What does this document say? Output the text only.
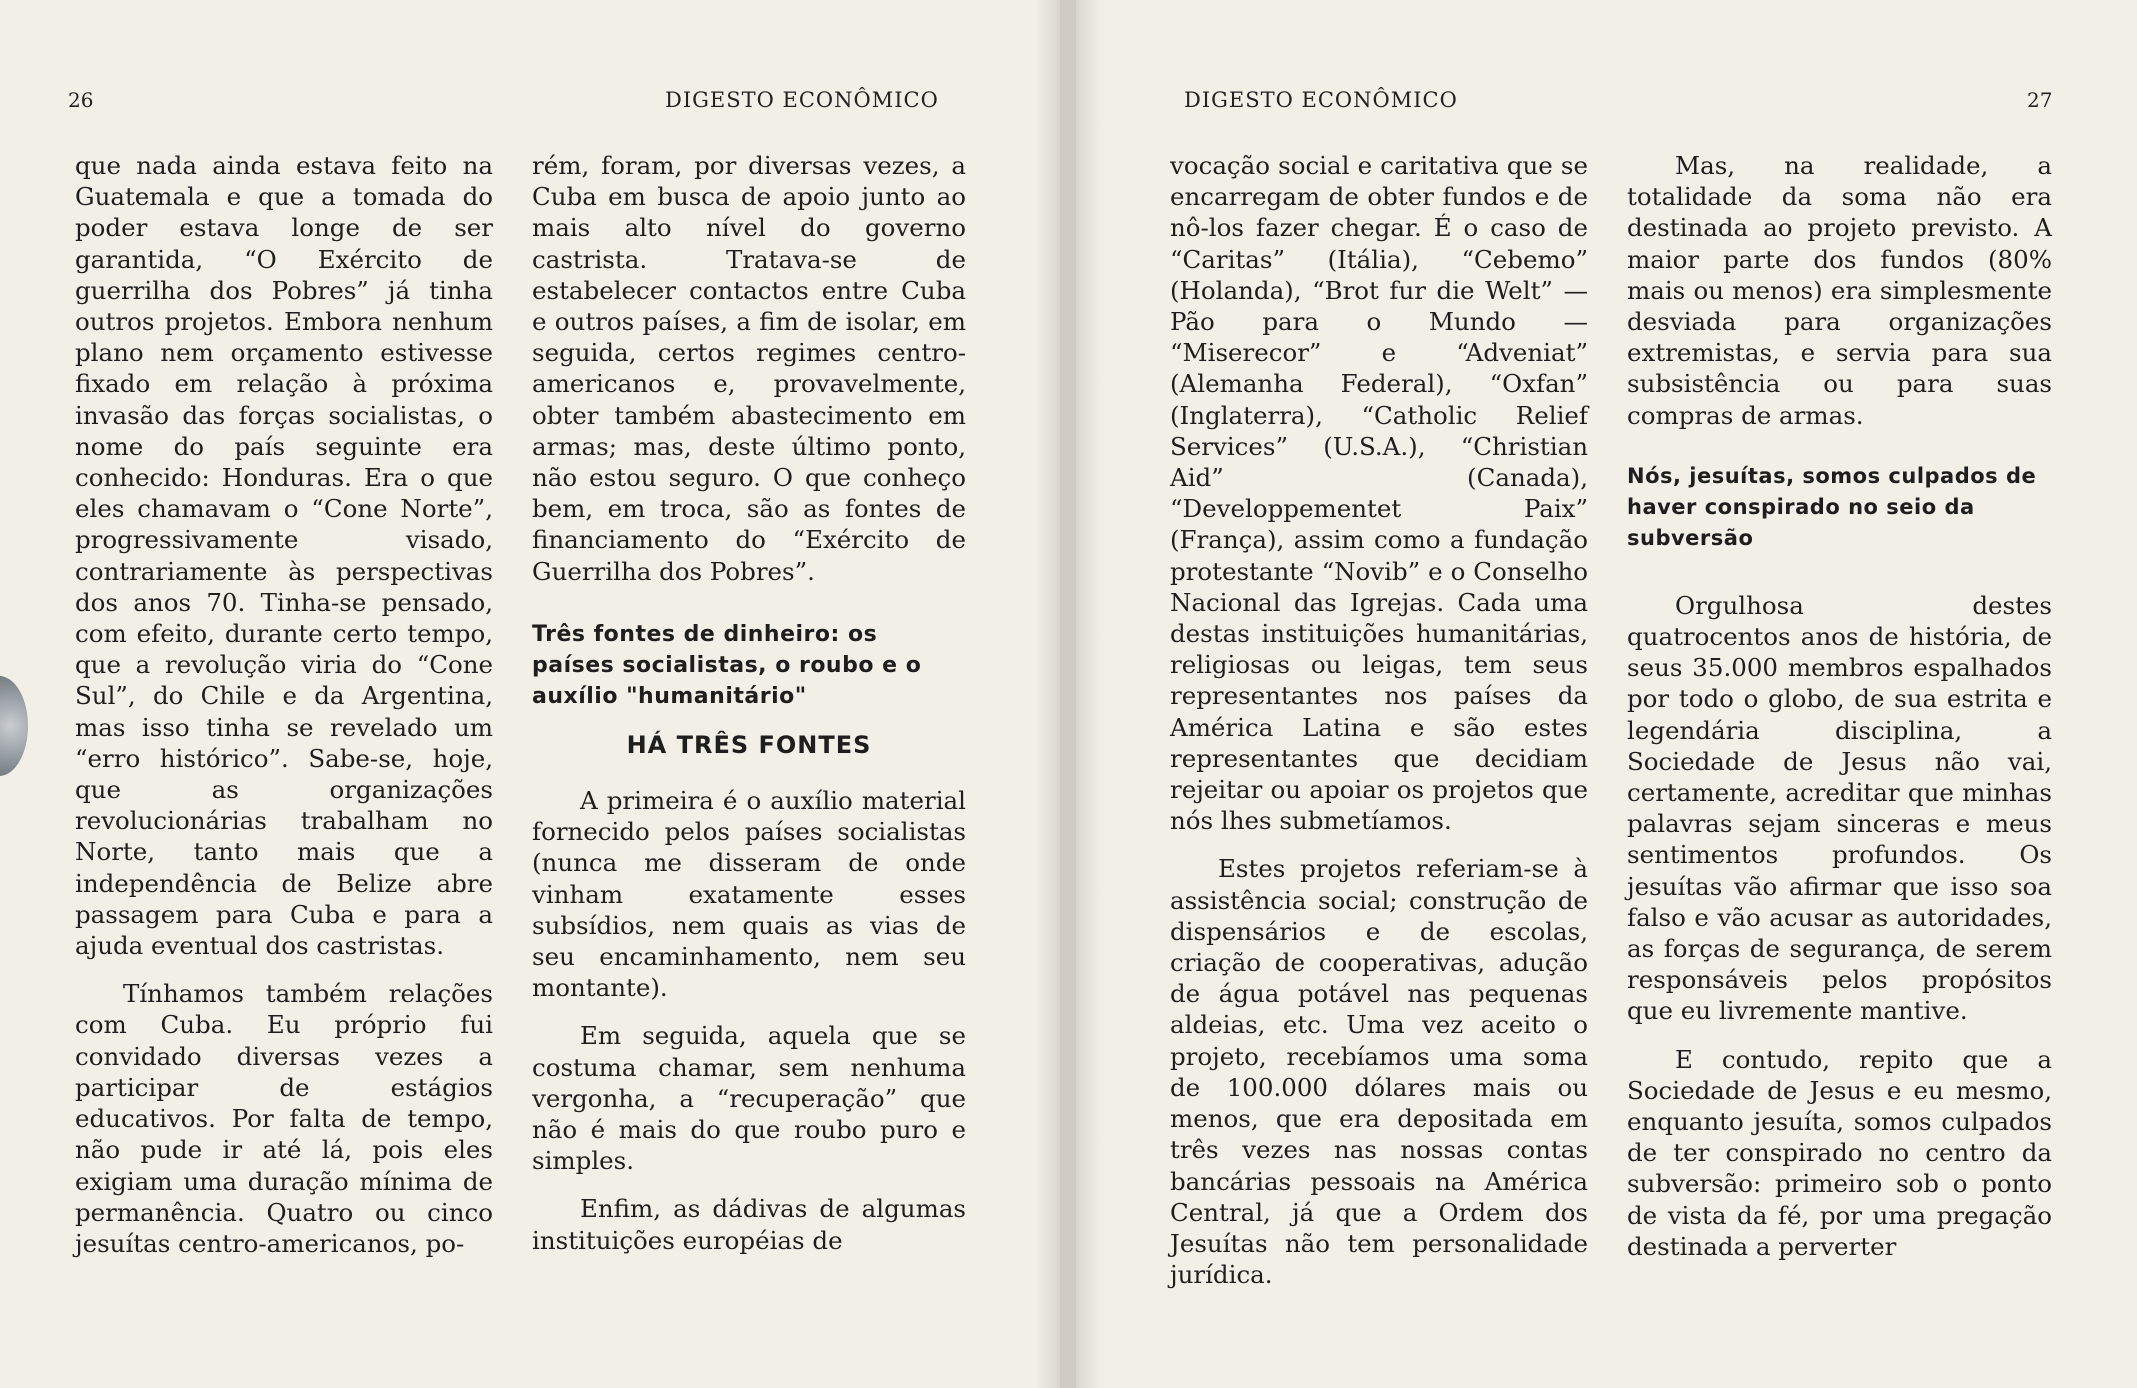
26	DIGESTO ECONÔMICO

que nada ainda estava feito na Guatemala e que a tomada do poder estava longe de ser garantida, “O Exército de guerrilha dos Pobres” já tinha outros projetos. Embora nenhum plano nem orçamento estivesse fixado em relação à próxima invasão das forças socialistas, o nome do país seguinte era conhecido: Honduras. Era o que eles chamavam o “Cone Norte”, progressivamente visado, contrariamente às perspectivas dos anos 70. Tinha-se pensado, com efeito, durante certo tempo, que a revolução viria do “Cone Sul”, do Chile e da Argentina, mas isso tinha se revelado um “erro histórico”. Sabe-se, hoje, que as organizações revolucionárias trabalham no Norte, tanto mais que a independência de Belize abre passagem para Cuba e para a ajuda eventual dos castristas.

Tínhamos também relações com Cuba. Eu próprio fui convidado diversas vezes a participar de estágios educativos. Por falta de tempo, não pude ir até lá, pois eles exigiam uma duração mínima de permanência. Quatro ou cinco jesuítas centro-americanos, po-

rém, foram, por diversas vezes, a Cuba em busca de apoio junto ao mais alto nível do governo castrista. Tratava-se de estabelecer contactos entre Cuba e outros países, a fim de isolar, em seguida, certos regimes centro-americanos e, provavelmente, obter também abastecimento em armas; mas, deste último ponto, não estou seguro. O que conheço bem, em troca, são as fontes de financiamento do “Exército de Guerrilha dos Pobres”.

Três fontes de dinheiro: os países socialistas, o roubo e o auxílio "humanitário"
HÁ TRÊS FONTES

A primeira é o auxílio material fornecido pelos países socialistas (nunca me disseram de onde vinham exatamente esses subsídios, nem quais as vias de seu encaminhamento, nem seu montante).

Em seguida, aquela que se costuma chamar, sem nenhuma vergonha, a “recuperação” que não é mais do que roubo puro e simples.

Enfim, as dádivas de algumas instituições européias de

DIGESTO ECONÔMICO	27

vocação social e caritativa que se encarregam de obter fundos e de nô-los fazer chegar. É o caso de “Caritas” (Itália), “Cebemo” (Holanda), “Brot fur die Welt” — Pão para o Mundo — “Miserecor” e “Adveniat” (Alemanha Federal), “Oxfan” (Inglaterra), “Catholic Relief Services” (U.S.A.), “Christian Aid” (Canada), “Developpementet Paix” (França), assim como a fundação protestante “Novib” e o Conselho Nacional das Igrejas. Cada uma destas instituições humanitárias, religiosas ou leigas, tem seus representantes nos países da América Latina e são estes representantes que decidiam rejeitar ou apoiar os projetos que nós lhes submetíamos.

Estes projetos referiam-se à assistência social; construção de dispensários e de escolas, criação de cooperativas, adução de água potável nas pequenas aldeias, etc. Uma vez aceito o projeto, recebíamos uma soma de 100.000 dólares mais ou menos, que era depositada em três vezes nas nossas contas bancárias pessoais na América Central, já que a Ordem dos Jesuítas não tem personalidade jurídica.

Mas, na realidade, a totalidade da soma não era destinada ao projeto previsto. A maior parte dos fundos (80% mais ou menos) era simplesmente desviada para organizações extremistas, e servia para sua subsistência ou para suas compras de armas.

Nós, jesuítas, somos culpados de haver conspirado no seio da subversão

Orgulhosa destes quatrocentos anos de história, de seus 35.000 membros espalhados por todo o globo, de sua estrita e legendária disciplina, a Sociedade de Jesus não vai, certamente, acreditar que minhas palavras sejam sinceras e meus sentimentos profundos. Os jesuítas vão afirmar que isso soa falso e vão acusar as autoridades, as forças de segurança, de serem responsáveis pelos propósitos que eu livremente mantive.

E contudo, repito que a Sociedade de Jesus e eu mesmo, enquanto jesuíta, somos culpados de ter conspirado no centro da subversão: primeiro sob o ponto de vista da fé, por uma pregação destinada a perverter
